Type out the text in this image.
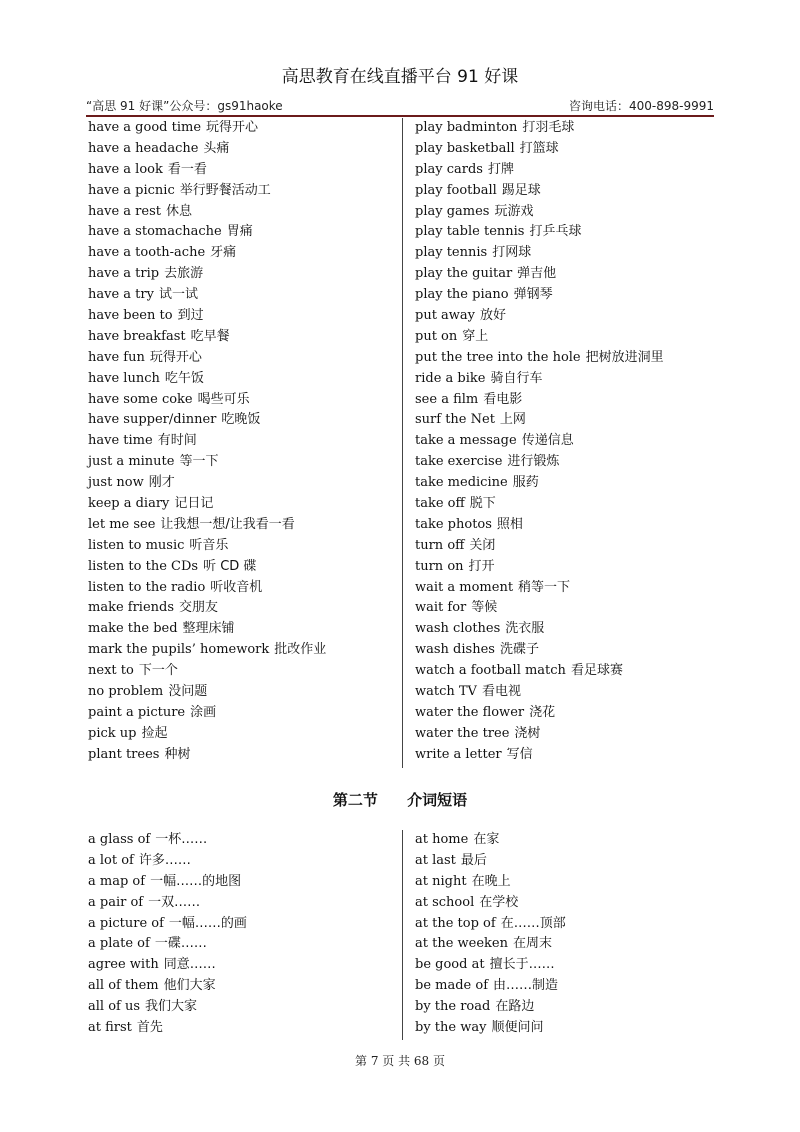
高思教育在线直播平台 91 好课
“高思 91 好课”公众号：gs91haoke	咨询电话：400-898-9991
have a good time 玩得开心
have a headache 头痛
have a look 看一看
have a picnic 举行野餐活动工
have a rest 休息
have a stomachache 胃痛
have a tooth-ache 牙痛
have a trip 去旅游
have a try 试一试
have been to 到过
have breakfast 吃早餐
have fun 玩得开心
have lunch 吃午饭
have some coke 喝些可乐
have supper/dinner 吃晚饭
have time 有时间
just a minute 等一下
just now 刚才
keep a diary 记日记
let me see 让我想一想/让我看一看
listen to music 听音乐
listen to the CDs 听 CD 碟
listen to the radio 听收音机
make friends 交朋友
make the bed 整理床铺
mark the pupils’ homework 批改作业
next to 下一个
no problem 没问题
paint a picture 涂画
pick up 捡起
plant trees 种树
play badminton 打羽毛球
play basketball 打篮球
play cards 打牌
play football 踢足球
play games 玩游戏
play table tennis 打乒乓球
play tennis 打网球
play the guitar 弹吉他
play the piano 弹钢琴
put away 放好
put on 穿上
put the tree into the hole 把树放进洞里
ride a bike 骑自行车
see a film 看电影
surf the Net 上网
take a message 传递信息
take exercise 进行锻炼
take medicine 服药
take off 脱下
take photos 照相
turn off 关闭
turn on 打开
wait a moment 稍等一下
wait for 等候
wash clothes 洗衣服
wash dishes 洗碟子
watch a football match 看足球赛
watch TV 看电视
water the flower 浇花
water the tree 浇树
write a letter 写信
第二节 介词短语
a glass of 一杯……
a lot of 许多……
a map of 一幅……的地图
a pair of 一双……
a picture of 一幅……的画
a plate of 一碟……
agree with 同意……
all of them 他们大家
all of us 我们大家
at first 首先
at home 在家
at last 最后
at night 在晚上
at school 在学校
at the top of 在……顶部
at the weeken 在周末
be good at 擅长于……
be made of 由……制造
by the road 在路边
by the way 顺便问问
第 7 页 共 68 页
